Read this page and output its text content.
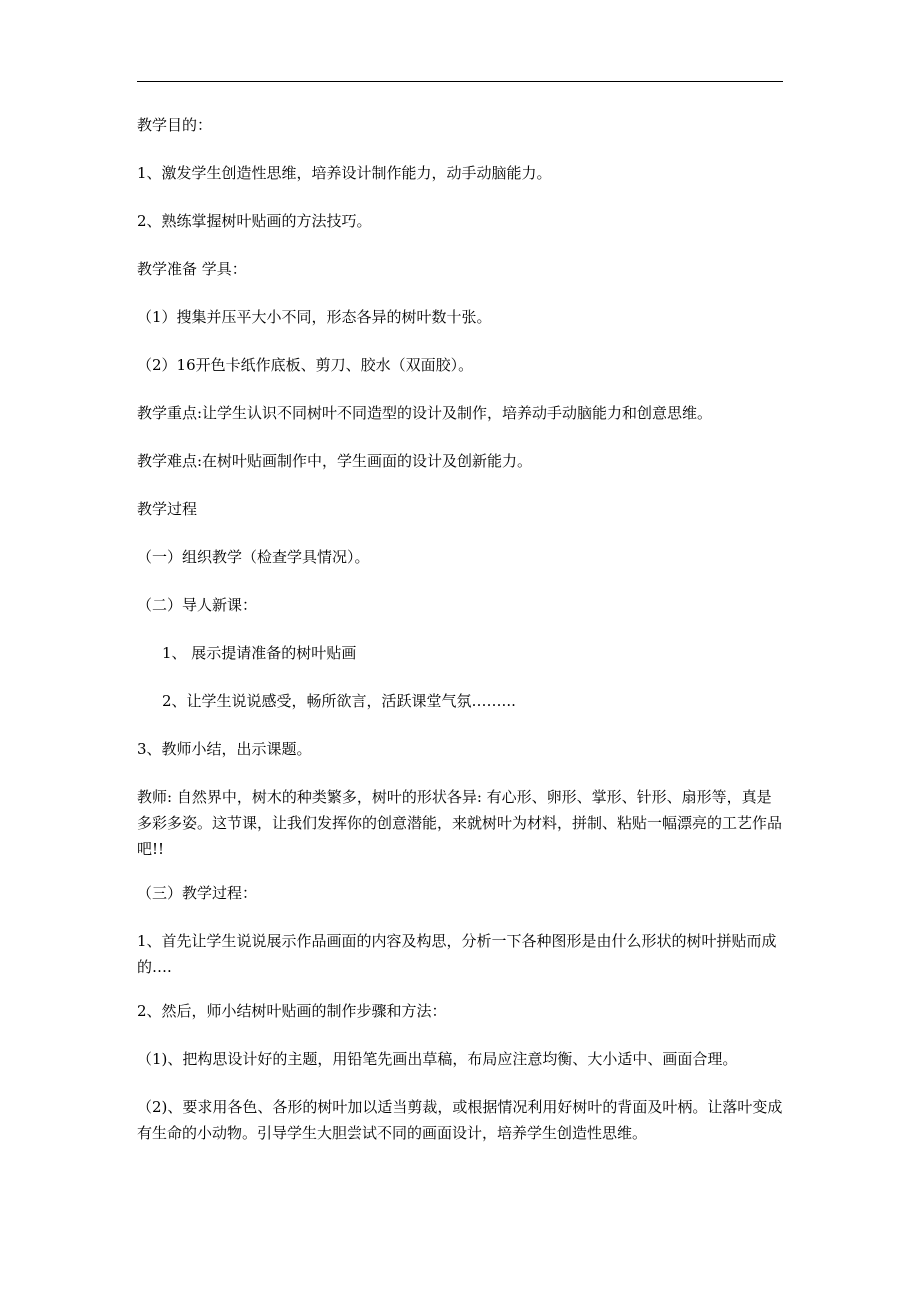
教学目的：
1、激发学生创造性思维，培养设计制作能力，动手动脑能力。
2、熟练掌握树叶贴画的方法技巧。
教学准备 学具：
（1）搜集并压平大小不同，形态各异的树叶数十张。
（2）16开色卡纸作底板、剪刀、胶水（双面胶）。
教学重点:让学生认识不同树叶不同造型的设计及制作，培养动手动脑能力和创意思维。
教学难点:在树叶贴画制作中，学生画面的设计及创新能力。
教学过程
（一）组织教学（检查学具情况）。
（二）导人新课：
1、 展示提请准备的树叶贴画
2、让学生说说感受，畅所欲言，活跃课堂气氛……...
3、教师小结，出示课题。
教师: 自然界中，树木的种类繁多，树叶的形状各异: 有心形、卵形、掌形、针形、扇形等，真是多彩多姿。这节课，让我们发挥你的创意潜能，来就树叶为材料，拼制、粘贴一幅漂亮的工艺作品吧!!
（三）教学过程：
1、首先让学生说说展示作品画面的内容及构思，分析一下各种图形是由什么形状的树叶拼贴而成的….
2、然后，师小结树叶贴画的制作步骤和方法：
（1)、把构思设计好的主题，用铅笔先画出草稿，布局应注意均衡、大小适中、画面合理。
（2)、要求用各色、各形的树叶加以适当剪裁，或根据情况利用好树叶的背面及叶柄。让落叶变成有生命的小动物。引导学生大胆尝试不同的画面设计，培养学生创造性思维。
